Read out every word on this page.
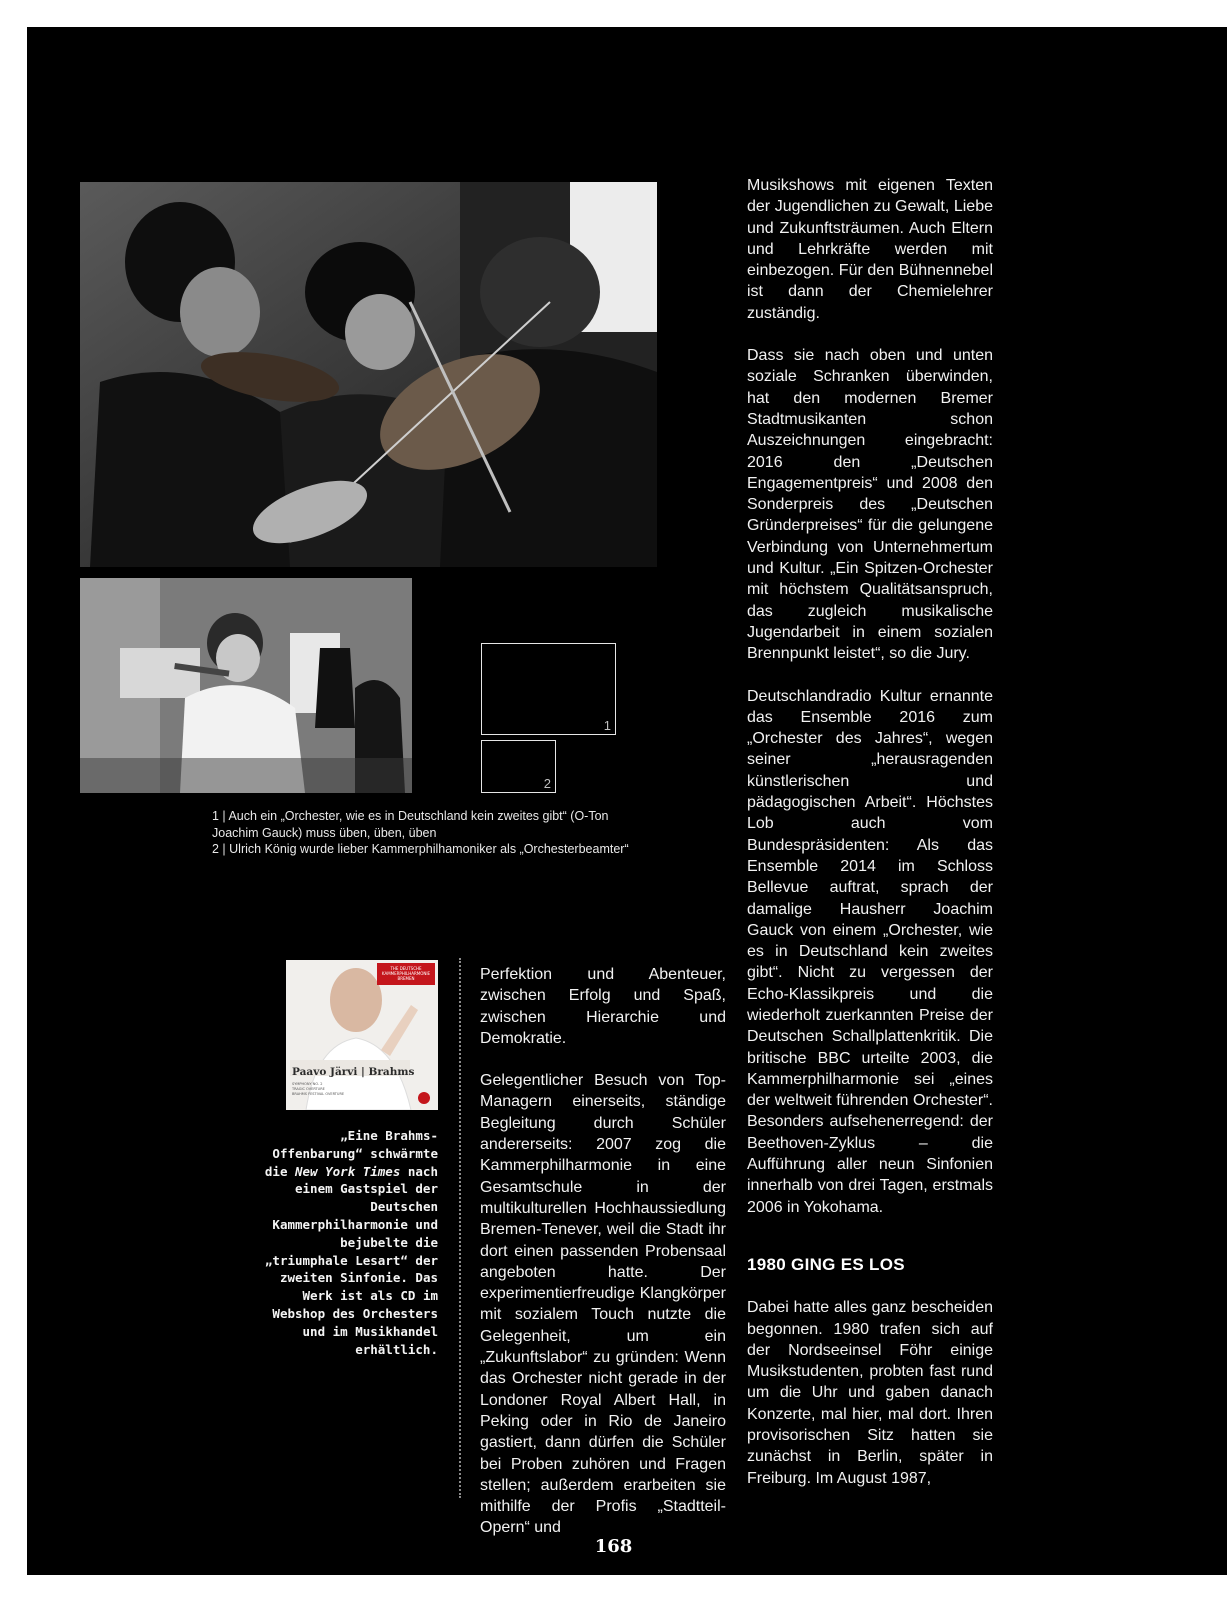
1
2
1 | Auch ein „Orchester, wie es in Deutschland kein zweites gibt“ (O-Ton
Joachim Gauck) muss üben, üben, üben
2 | Ulrich König wurde lieber Kammerphilhamoniker als „Orchesterbeamter“
THE DEUTSCHE KAMMERPHILHARMONIE BREMEN
Paavo Järvi | Brahms
SYMPHONY NO. 2
TRAGIC OVERTURE
BRAHMS FESTIVAL OVERTURE
„Eine Brahms-Offenbarung“ schwärmte die New York Times nach einem Gastspiel der Deutschen Kammerphilharmonie und bejubelte die „triumphale Lesart“ der zweiten Sinfonie. Das Werk ist als CD im Webshop des Orchesters und im Musikhandel erhältlich.

Perfektion und Abenteuer, zwischen Erfolg und Spaß, zwischen Hierarchie und Demokratie.

Gelegentlicher Besuch von Top-Managern einerseits, ständige Begleitung durch Schüler andererseits: 2007 zog die Kammerphilharmonie in eine Gesamtschule in der multikulturellen Hochhaussiedlung Bremen-Tenever, weil die Stadt ihr dort einen passenden Probensaal angeboten hatte. Der experimentierfreudige Klangkörper mit sozialem Touch nutzte die Gelegenheit, um ein „Zukunftslabor“ zu gründen: Wenn das Orchester nicht gerade in der Londoner Royal Albert Hall, in Peking oder in Rio de Janeiro gastiert, dann dürfen die Schüler bei Proben zuhören und Fragen stellen; außerdem erarbeiten sie mithilfe der Profis „Stadtteil-Opern“ und

Musikshows mit eigenen Texten der Jugendlichen zu Gewalt, Liebe und Zukunftsträumen. Auch Eltern und Lehrkräfte werden mit einbezogen. Für den Bühnennebel ist dann der Chemielehrer zuständig.

Dass sie nach oben und unten soziale Schranken überwinden, hat den modernen Bremer Stadtmusikanten schon Auszeichnungen eingebracht: 2016 den „Deutschen Engagementpreis“ und 2008 den Sonderpreis des „Deutschen Gründerpreises“ für die gelungene Verbindung von Unternehmertum und Kultur. „Ein Spitzen-Orchester mit höchstem Qualitätsanspruch, das zugleich musikalische Jugendarbeit in einem sozialen Brennpunkt leistet“, so die Jury.

Deutschlandradio Kultur ernannte das Ensemble 2016 zum „Orchester des Jahres“, wegen seiner „herausragenden künstlerischen und pädagogischen Arbeit“. Höchstes Lob auch vom Bundespräsidenten: Als das Ensemble 2014 im Schloss Bellevue auftrat, sprach der damalige Hausherr Joachim Gauck von einem „Orchester, wie es in Deutschland kein zweites gibt“. Nicht zu vergessen der Echo-Klassikpreis und die wiederholt zuerkannten Preise der Deutschen Schallplattenkritik. Die britische BBC urteilte 2003, die Kammerphilharmonie sei „eines der weltweit führenden Orchester“. Besonders aufsehenerregend: der Beethoven-Zyklus – die Aufführung aller neun Sinfonien innerhalb von drei Tagen, erstmals 2006 in Yokohama.

1980 GING ES LOS

Dabei hatte alles ganz bescheiden begonnen. 1980 trafen sich auf der Nordseeinsel Föhr einige Musikstudenten, probten fast rund um die Uhr und gaben danach Konzerte, mal hier, mal dort. Ihren provisorischen Sitz hatten sie zunächst in Berlin, später in Freiburg. Im August 1987,

168
